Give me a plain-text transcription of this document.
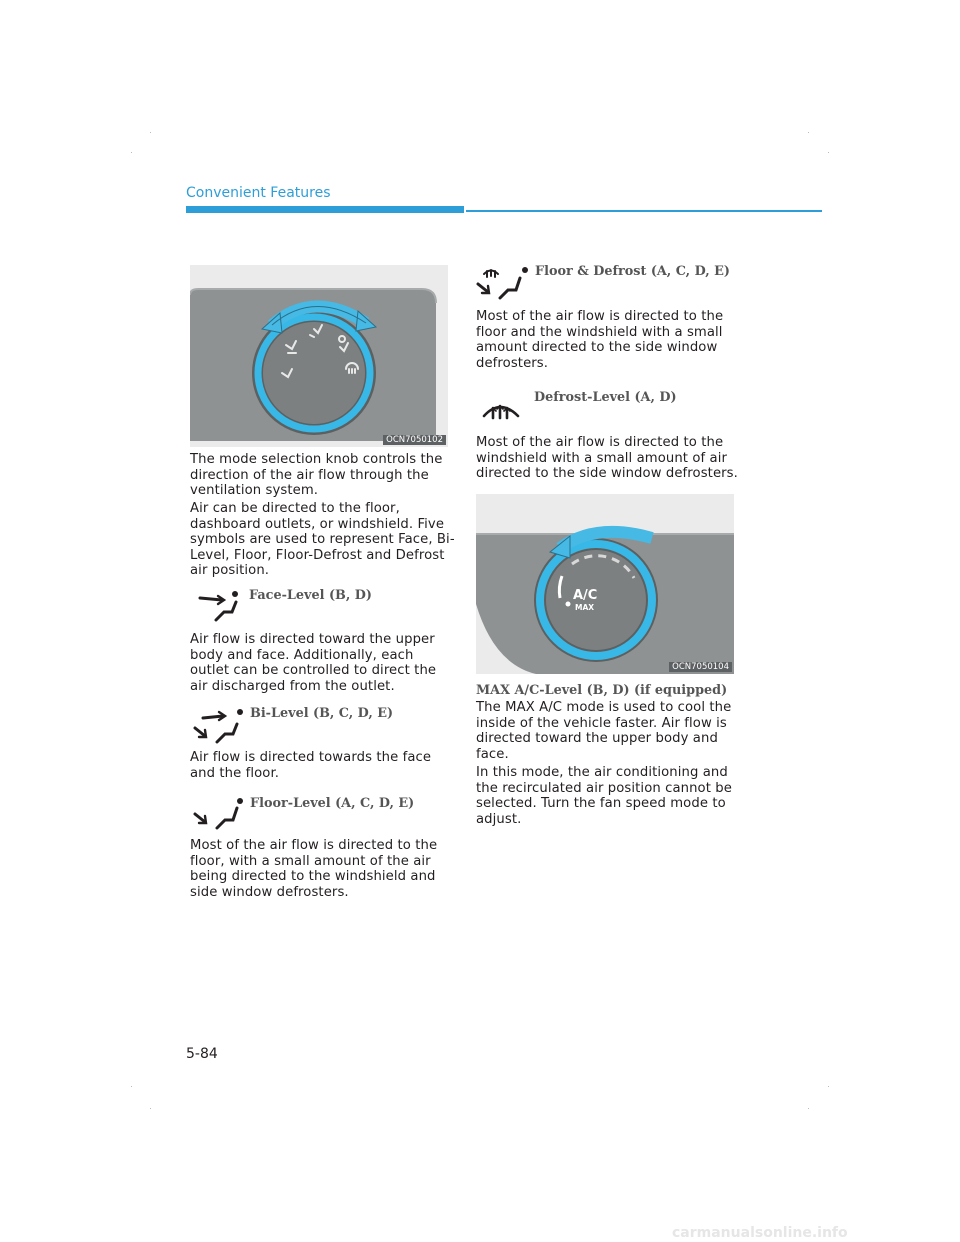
Convenient Features
OCN7050102
The mode selection knob controls the direction of the air flow through the ventilation system.
Air can be directed to the floor, dashboard outlets, or windshield. Five symbols are used to represent Face, Bi-Level, Floor, Floor-Defrost and Defrost air position.
Face-Level (B, D)
Air flow is directed toward the upper body and face. Additionally, each outlet can be controlled to direct the air discharged from the outlet.
Bi-Level (B, C, D, E)
Air flow is directed towards the face and the floor.
Floor-Level (A, C, D, E)
Most of the air flow is directed to the floor, with a small amount of the air being directed to the windshield and side window defrosters.
Floor & Defrost (A, C, D, E)
Most of the air flow is directed to the floor and the windshield with a small amount directed to the side window defrosters.
Defrost-Level (A, D)
Most of the air flow is directed to the windshield with a small amount of air directed to the side window defrosters.
A/C
MAX
OCN7050104
MAX A/C-Level (B, D) (if equipped)
The MAX A/C mode is used to cool the inside of the vehicle faster. Air flow is directed toward the upper body and face.
In this mode, the air conditioning and the recirculated air position cannot be selected. Turn the fan speed mode to adjust.
5-84
carmanualsonline.info
